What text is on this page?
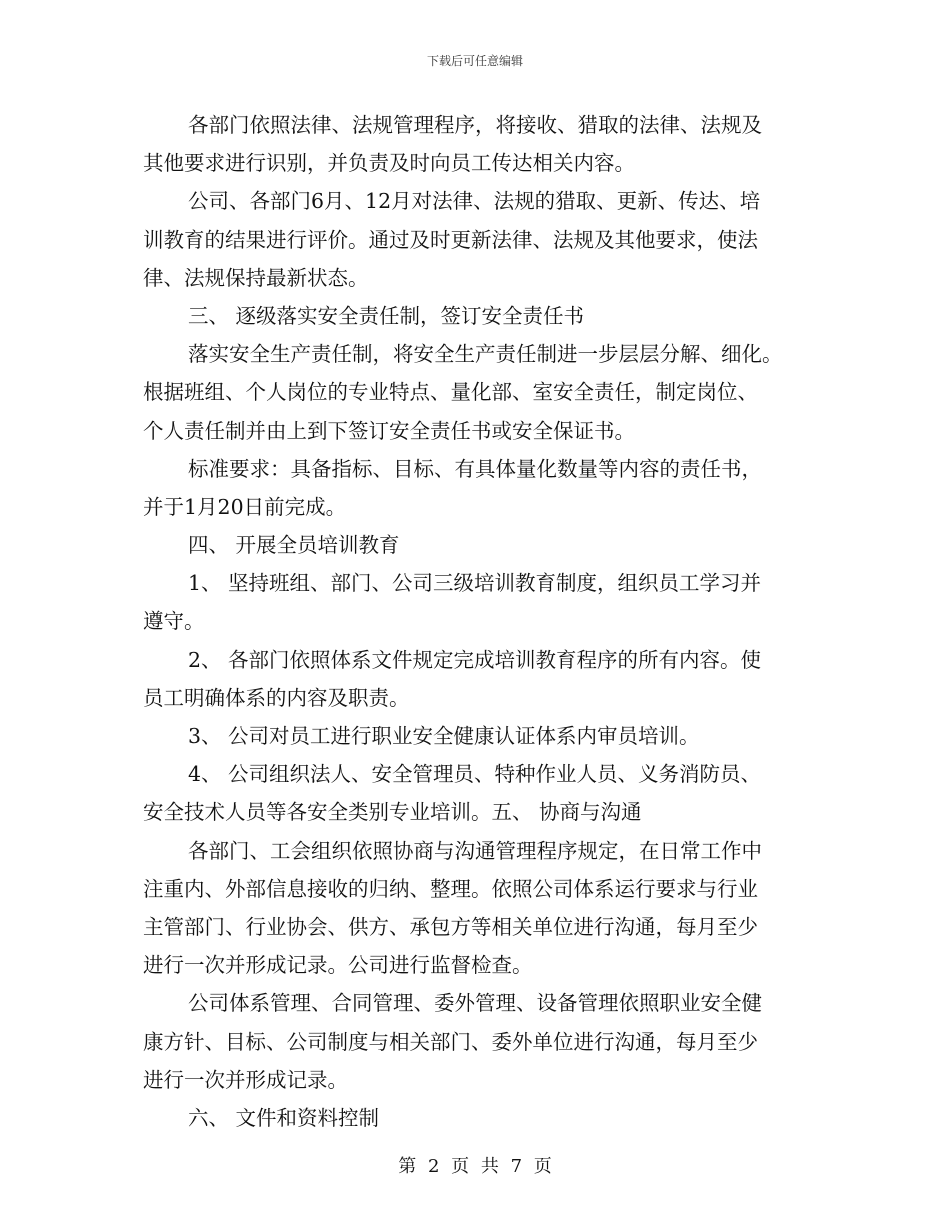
下载后可任意编辑
各部门依照法律、法规管理程序，将接收、猎取的法律、法规及
其他要求进行识别，并负责及时向员工传达相关内容。
公司、各部门6月、12月对法律、法规的猎取、更新、传达、培
训教育的结果进行评价。通过及时更新法律、法规及其他要求，使法
律、法规保持最新状态。
三、 逐级落实安全责任制，签订安全责任书
落实安全生产责任制，将安全生产责任制进一步层层分解、细化。
根据班组、个人岗位的专业特点、量化部、室安全责任，制定岗位、
个人责任制并由上到下签订安全责任书或安全保证书。
标准要求：具备指标、目标、有具体量化数量等内容的责任书，
并于1月20日前完成。
四、 开展全员培训教育
1、 坚持班组、部门、公司三级培训教育制度，组织员工学习并
遵守。
2、 各部门依照体系文件规定完成培训教育程序的所有内容。使
员工明确体系的内容及职责。
3、 公司对员工进行职业安全健康认证体系内审员培训。
4、 公司组织法人、安全管理员、特种作业人员、义务消防员、
安全技术人员等各安全类别专业培训。五、 协商与沟通
各部门、工会组织依照协商与沟通管理程序规定，在日常工作中
注重内、外部信息接收的归纳、整理。依照公司体系运行要求与行业
主管部门、行业协会、供方、承包方等相关单位进行沟通，每月至少
进行一次并形成记录。公司进行监督检查。
公司体系管理、合同管理、委外管理、设备管理依照职业安全健
康方针、目标、公司制度与相关部门、委外单位进行沟通，每月至少
进行一次并形成记录。
六、 文件和资料控制
第 2 页 共 7 页
